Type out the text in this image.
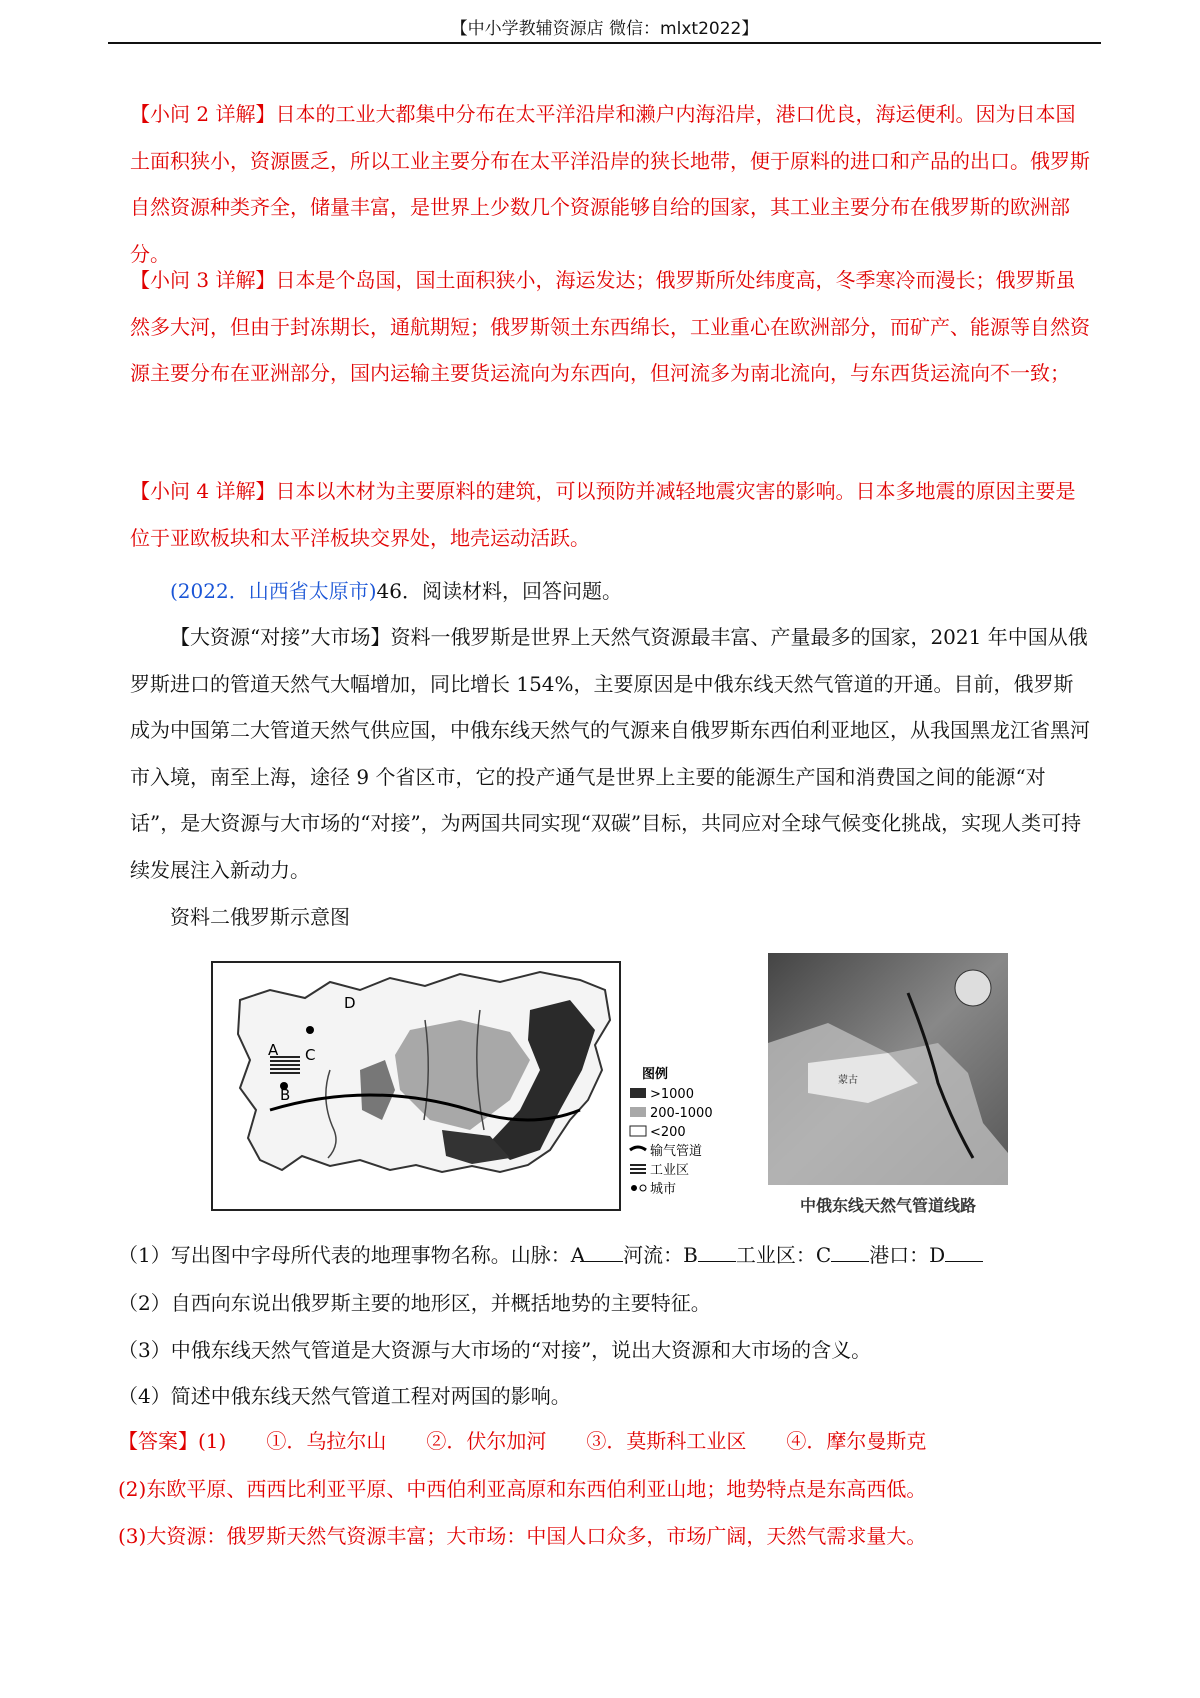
【中小学教辅资源店 微信：mlxt2022】

【小问 2 详解】日本的工业大都集中分布在太平洋沿岸和濑户内海沿岸，港口优良，海运便利。因为日本国土面积狭小，资源匮乏，所以工业主要分布在太平洋沿岸的狭长地带，便于原料的进口和产品的出口。俄罗斯自然资源种类齐全，储量丰富，是世界上少数几个资源能够自给的国家，其工业主要分布在俄罗斯的欧洲部分。

【小问 3 详解】日本是个岛国，国土面积狭小，海运发达；俄罗斯所处纬度高，冬季寒冷而漫长；俄罗斯虽然多大河，但由于封冻期长，通航期短；俄罗斯领土东西绵长，工业重心在欧洲部分，而矿产、能源等自然资源主要分布在亚洲部分，国内运输主要货运流向为东西向，但河流多为南北流向，与东西货运流向不一致；

【小问 4 详解】日本以木材为主要原料的建筑，可以预防并减轻地震灾害的影响。日本多地震的原因主要是位于亚欧板块和太平洋板块交界处，地壳运动活跃。

(2022．山西省太原市)46．阅读材料，回答问题。

【大资源“对接”大市场】资料一俄罗斯是世界上天然气资源最丰富、产量最多的国家，2021 年中国从俄罗斯进口的管道天然气大幅增加，同比增长 154%，主要原因是中俄东线天然气管道的开通。目前，俄罗斯成为中国第二大管道天然气供应国，中俄东线天然气的气源来自俄罗斯东西伯利亚地区，从我国黑龙江省黑河市入境，南至上海，途径 9 个省区市，它的投产通气是世界上主要的能源生产国和消费国之间的能源“对话”，是大资源与大市场的“对接”，为两国共同实现“双碳”目标，共同应对全球气候变化挑战，实现人类可持续发展注入新动力。

资料二俄罗斯示意图

D
C
A
B
图例
>1000
200-1000
<200
输气管道
工业区
城市
蒙古
中俄东线天然气管道线路
（1）写出图中字母所代表的地理事物名称。山脉：A 河流：B 工业区：C 港口：D
（2）自西向东说出俄罗斯主要的地形区，并概括地势的主要特征。
（3）中俄东线天然气管道是大资源与大市场的“对接”，说出大资源和大市场的含义。
（4）简述中俄东线天然气管道工程对两国的影响。
【答案】(1) ①．乌拉尔山 ②．伏尔加河 ③．莫斯科工业区 ④．摩尔曼斯克
(2)东欧平原、西西比利亚平原、中西伯利亚高原和东西伯利亚山地；地势特点是东高西低。
(3)大资源：俄罗斯天然气资源丰富；大市场：中国人口众多，市场广阔，天然气需求量大。
